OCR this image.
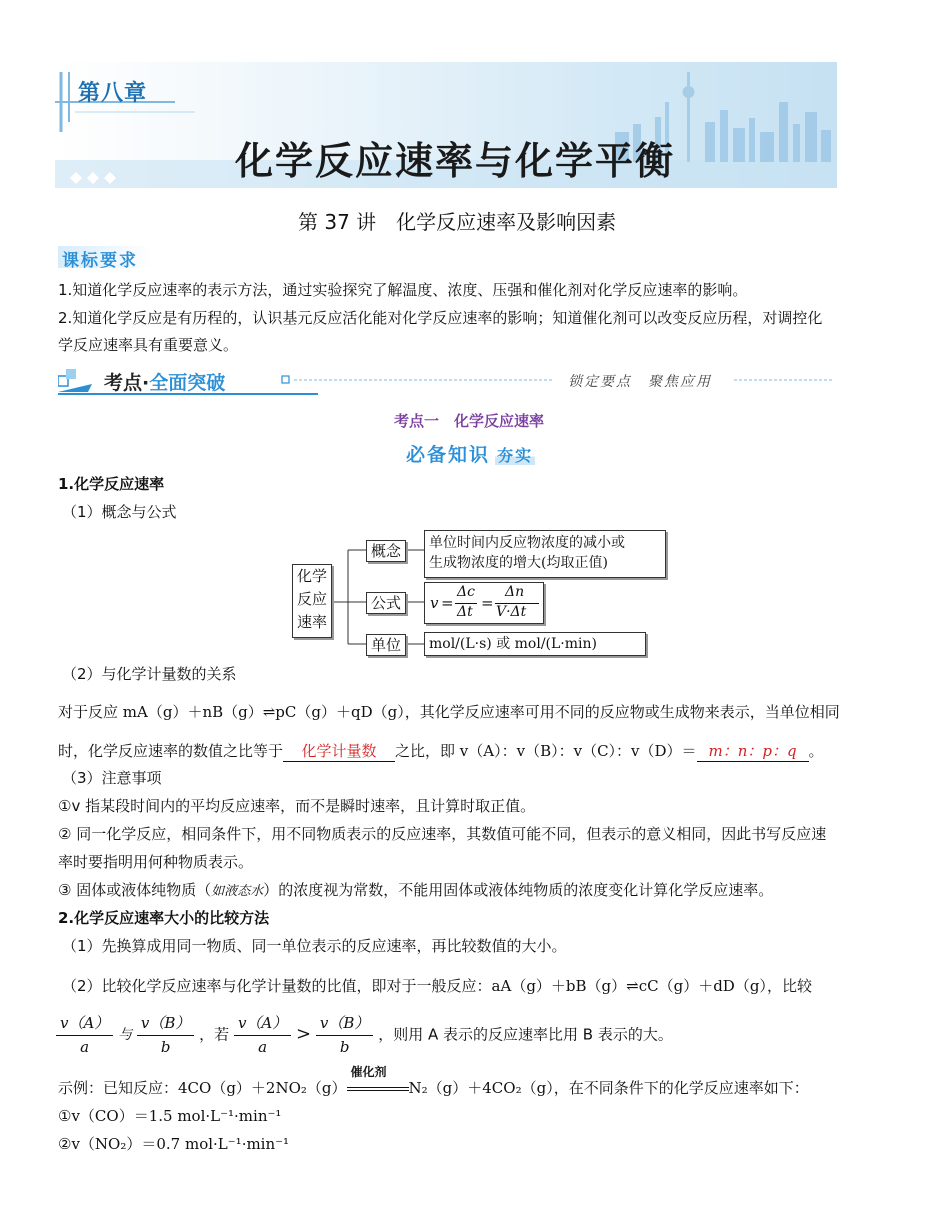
第八章
化学反应速率与化学平衡
第 37 讲　化学反应速率及影响因素
课标要求
1.知道化学反应速率的表示方法，通过实验探究了解温度、浓度、压强和催化剂对化学反应速率的影响。
2.知道化学反应是有历程的，认识基元反应活化能对化学反应速率的影响；知道催化剂可以改变反应历程，对调控化
学反应速率具有重要意义。
考点·全面突破	锁定要点　聚焦应用
考点一　化学反应速率
必备知识 夯实
1.化学反应速率
（1）概念与公式
化学
反应
速率
概念	单位时间内反应物浓度的减小或
生成物浓度的增大(均取正值)
公式	v =
Δc
Δt =
Δn
V·Δt
单位	mol/(L·s) 或 mol/(L·min)
（2）与化学计量数的关系
对于反应 mA（g）＋nB（g）⇌pC（g）＋qD（g），其化学反应速率可用不同的反应物或生成物来表示，当单位相同
时，化学反应速率的数值之比等于 化学计量数 之比，即 v（A）：v（B）：v（C）：v（D）＝ m：n：p：q 。
（3）注意事项
①v 指某段时间内的平均反应速率，而不是瞬时速率，且计算时取正值。
② 同一化学反应，相同条件下，用不同物质表示的反应速率，其数值可能不同，但表示的意义相同，因此书写反应速
率时要指明用何种物质表示。
③ 固体或液体纯物质（如液态水）的浓度视为常数，不能用固体或液体纯物质的浓度变化计算化学反应速率。
2.化学反应速率大小的比较方法
（1）先换算成用同一物质、同一单位表示的反应速率，再比较数值的大小。
（2）比较化学反应速率与化学计量数的比值，即对于一般反应：aA（g）＋bB（g）⇌cC（g）＋dD（g），比较
$\frac{v(A)}{a}$ 与 $\frac{v(B)}{b}$ ，若 $\frac{v(A)}{a} > \frac{v(B)}{b}$ ，则用 A 表示的反应速率比用 B 表示的大。
示例：已知反应：4CO（g）＋2NO₂（g）
催化剂
N₂（g）＋4CO₂（g），在不同条件下的化学反应速率如下：
①v（CO）＝1.5 mol·L⁻¹·min⁻¹
②v（NO₂）＝0.7 mol·L⁻¹·min⁻¹
